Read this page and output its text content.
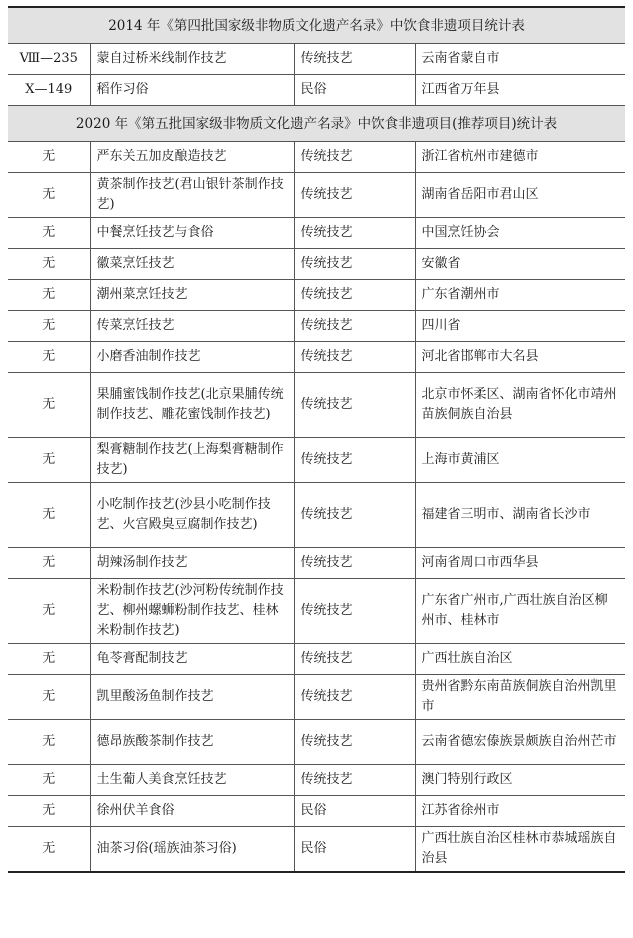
2014 年《第四批国家级非物质文化遗产名录》中饮食非遗项目统计表			
Ⅷ—235	蒙自过桥米线制作技艺	传统技艺	云南省蒙自市
Ⅹ—149	稻作习俗	民俗	江西省万年县
2020 年《第五批国家级非物质文化遗产名录》中饮食非遗项目(推荐项目)统计表			
无	严东关五加皮酿造技艺	传统技艺	浙江省杭州市建德市
无	黄茶制作技艺(君山银针茶制作技艺)	传统技艺	湖南省岳阳市君山区
无	中餐烹饪技艺与食俗	传统技艺	中国烹饪协会
无	徽菜烹饪技艺	传统技艺	安徽省
无	潮州菜烹饪技艺	传统技艺	广东省潮州市
无	传菜烹饪技艺	传统技艺	四川省
无	小磨香油制作技艺	传统技艺	河北省邯郸市大名县
无	果脯蜜饯制作技艺(北京果脯传统制作技艺、雕花蜜饯制作技艺)	传统技艺	北京市怀柔区、湖南省怀化市靖州苗族侗族自治县
无	梨膏糖制作技艺(上海梨膏糖制作技艺)	传统技艺	上海市黄浦区
无	小吃制作技艺(沙县小吃制作技艺、火宫殿臭豆腐制作技艺)	传统技艺	福建省三明市、湖南省长沙市
无	胡辣汤制作技艺	传统技艺	河南省周口市西华县
无	米粉制作技艺(沙河粉传统制作技艺、柳州螺蛳粉制作技艺、桂林米粉制作技艺)	传统技艺	广东省广州市,广西壮族自治区柳州市、桂林市
无	龟苓膏配制技艺	传统技艺	广西壮族自治区
无	凯里酸汤鱼制作技艺	传统技艺	贵州省黔东南苗族侗族自治州凯里市
无	德昂族酸茶制作技艺	传统技艺	云南省德宏傣族景颇族自治州芒市
无	土生葡人美食烹饪技艺	传统技艺	澳门特别行政区
无	徐州伏羊食俗	民俗	江苏省徐州市
无	油茶习俗(瑶族油茶习俗)	民俗	广西壮族自治区桂林市恭城瑶族自治县
